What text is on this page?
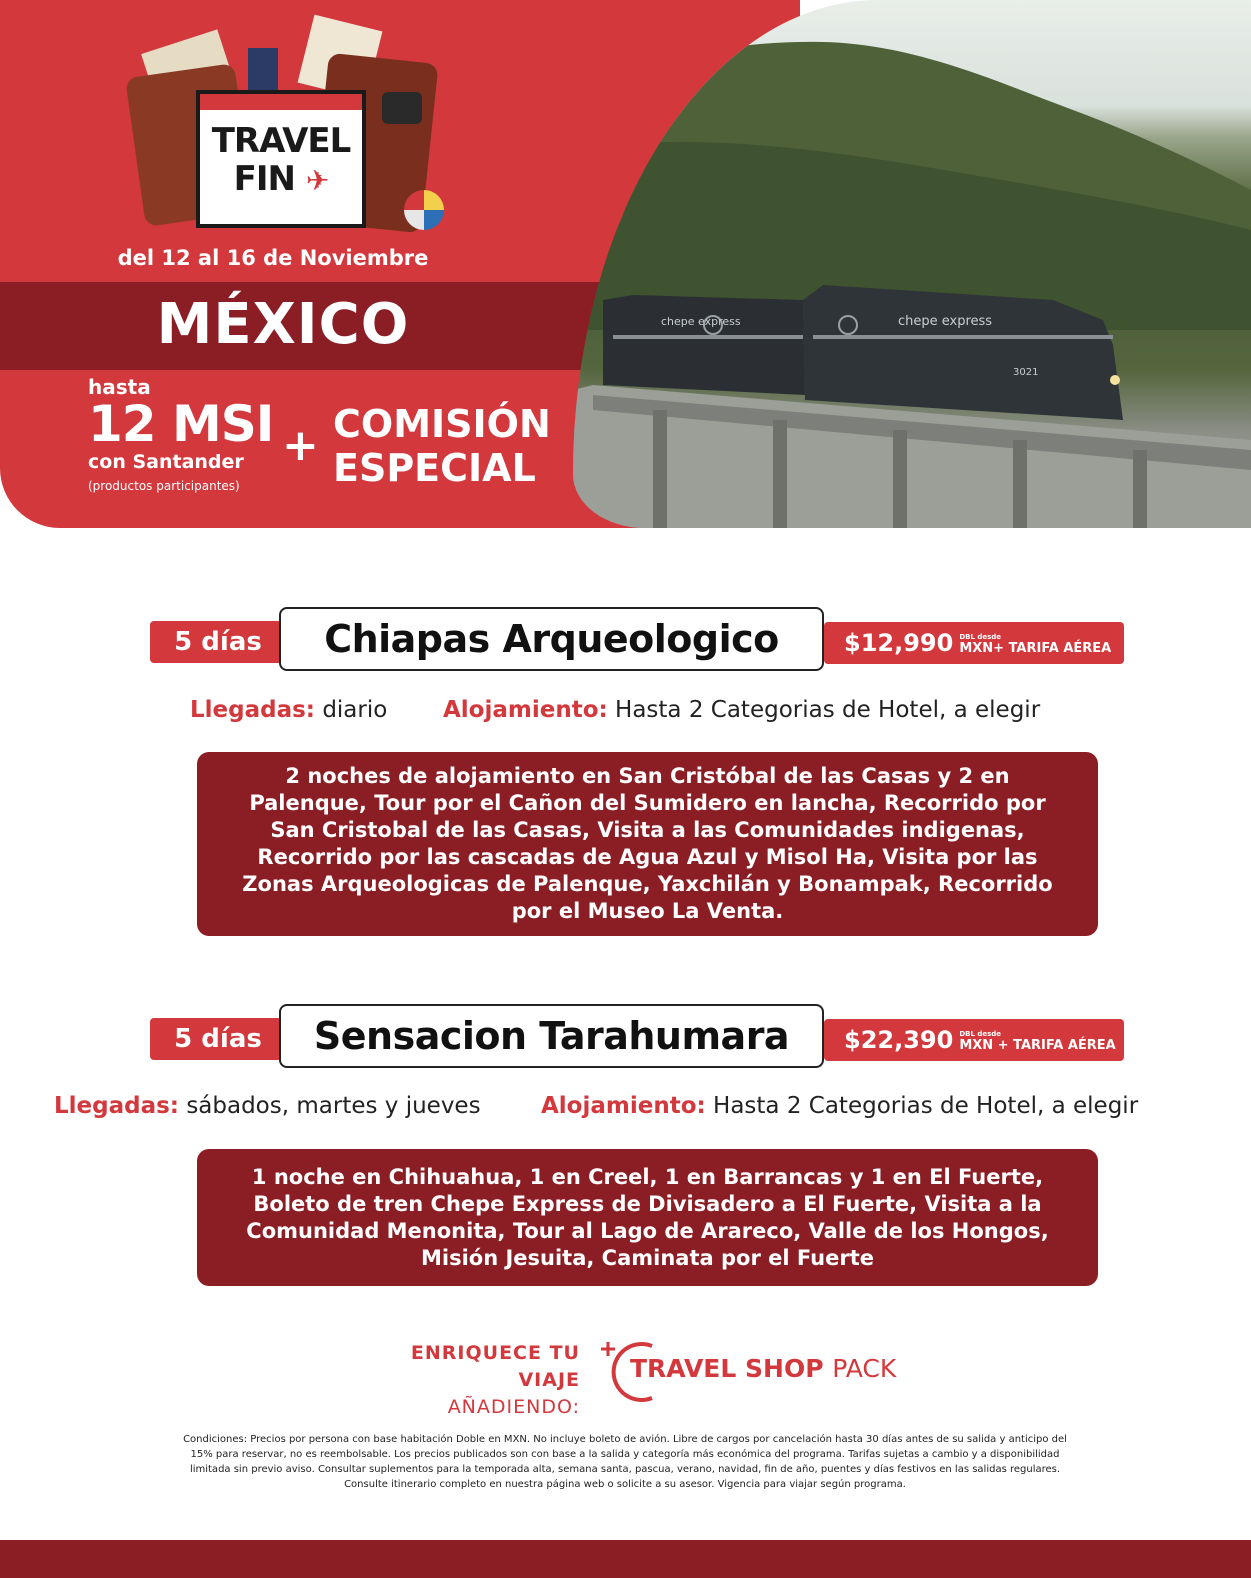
chepe express	chepe express
3021
TRAVEL
FIN ✈
del 12 al 16 de Noviembre
MÉXICO
hasta
12 MSI
con Santander
(productos participantes)
+ COMISIÓN
ESPECIAL
5 días	Chiapas Arqueologico	$12,990 DBL desde
MXN+ TARIFA AÉREA
Llegadas: diario Alojamiento: Hasta 2 Categorias de Hotel, a elegir
2 noches de alojamiento en San Cristóbal de las Casas y 2 en Palenque, Tour por el Cañon del Sumidero en lancha, Recorrido por San Cristobal de las Casas, Visita a las Comunidades indigenas, Recorrido por las cascadas de Agua Azul y Misol Ha, Visita por las Zonas Arqueologicas de Palenque, Yaxchilán y Bonampak, Recorrido por el Museo La Venta.
5 días	Sensacion Tarahumara	$22,390 DBL desde
MXN + TARIFA AÉREA
Llegadas: sábados, martes y jueves	Alojamiento: Hasta 2 Categorias de Hotel, a elegir
1 noche en Chihuahua, 1 en Creel, 1 en Barrancas y 1 en El Fuerte, Boleto de tren Chepe Express de Divisadero a El Fuerte, Visita a la Comunidad Menonita, Tour al Lago de Arareco, Valle de los Hongos, Misión Jesuita, Caminata por el Fuerte
ENRIQUECE TU
VIAJE AÑADIENDO:
TRAVEL SHOP PACK
Condiciones: Precios por persona con base habitación Doble en MXN. No incluye boleto de avión. Libre de cargos por cancelación hasta 30 días antes de su salida y anticipo del 15% para reservar, no es reembolsable. Los precios publicados son con base a la salida y categoría más económica del programa. Tarifas sujetas a cambio y a disponibilidad limitada sin previo aviso. Consultar suplementos para la temporada alta, semana santa, pascua, verano, navidad, fin de año, puentes y días festivos en las salidas regulares. Consulte itinerario completo en nuestra página web o solicite a su asesor. Vigencia para viajar según programa.
